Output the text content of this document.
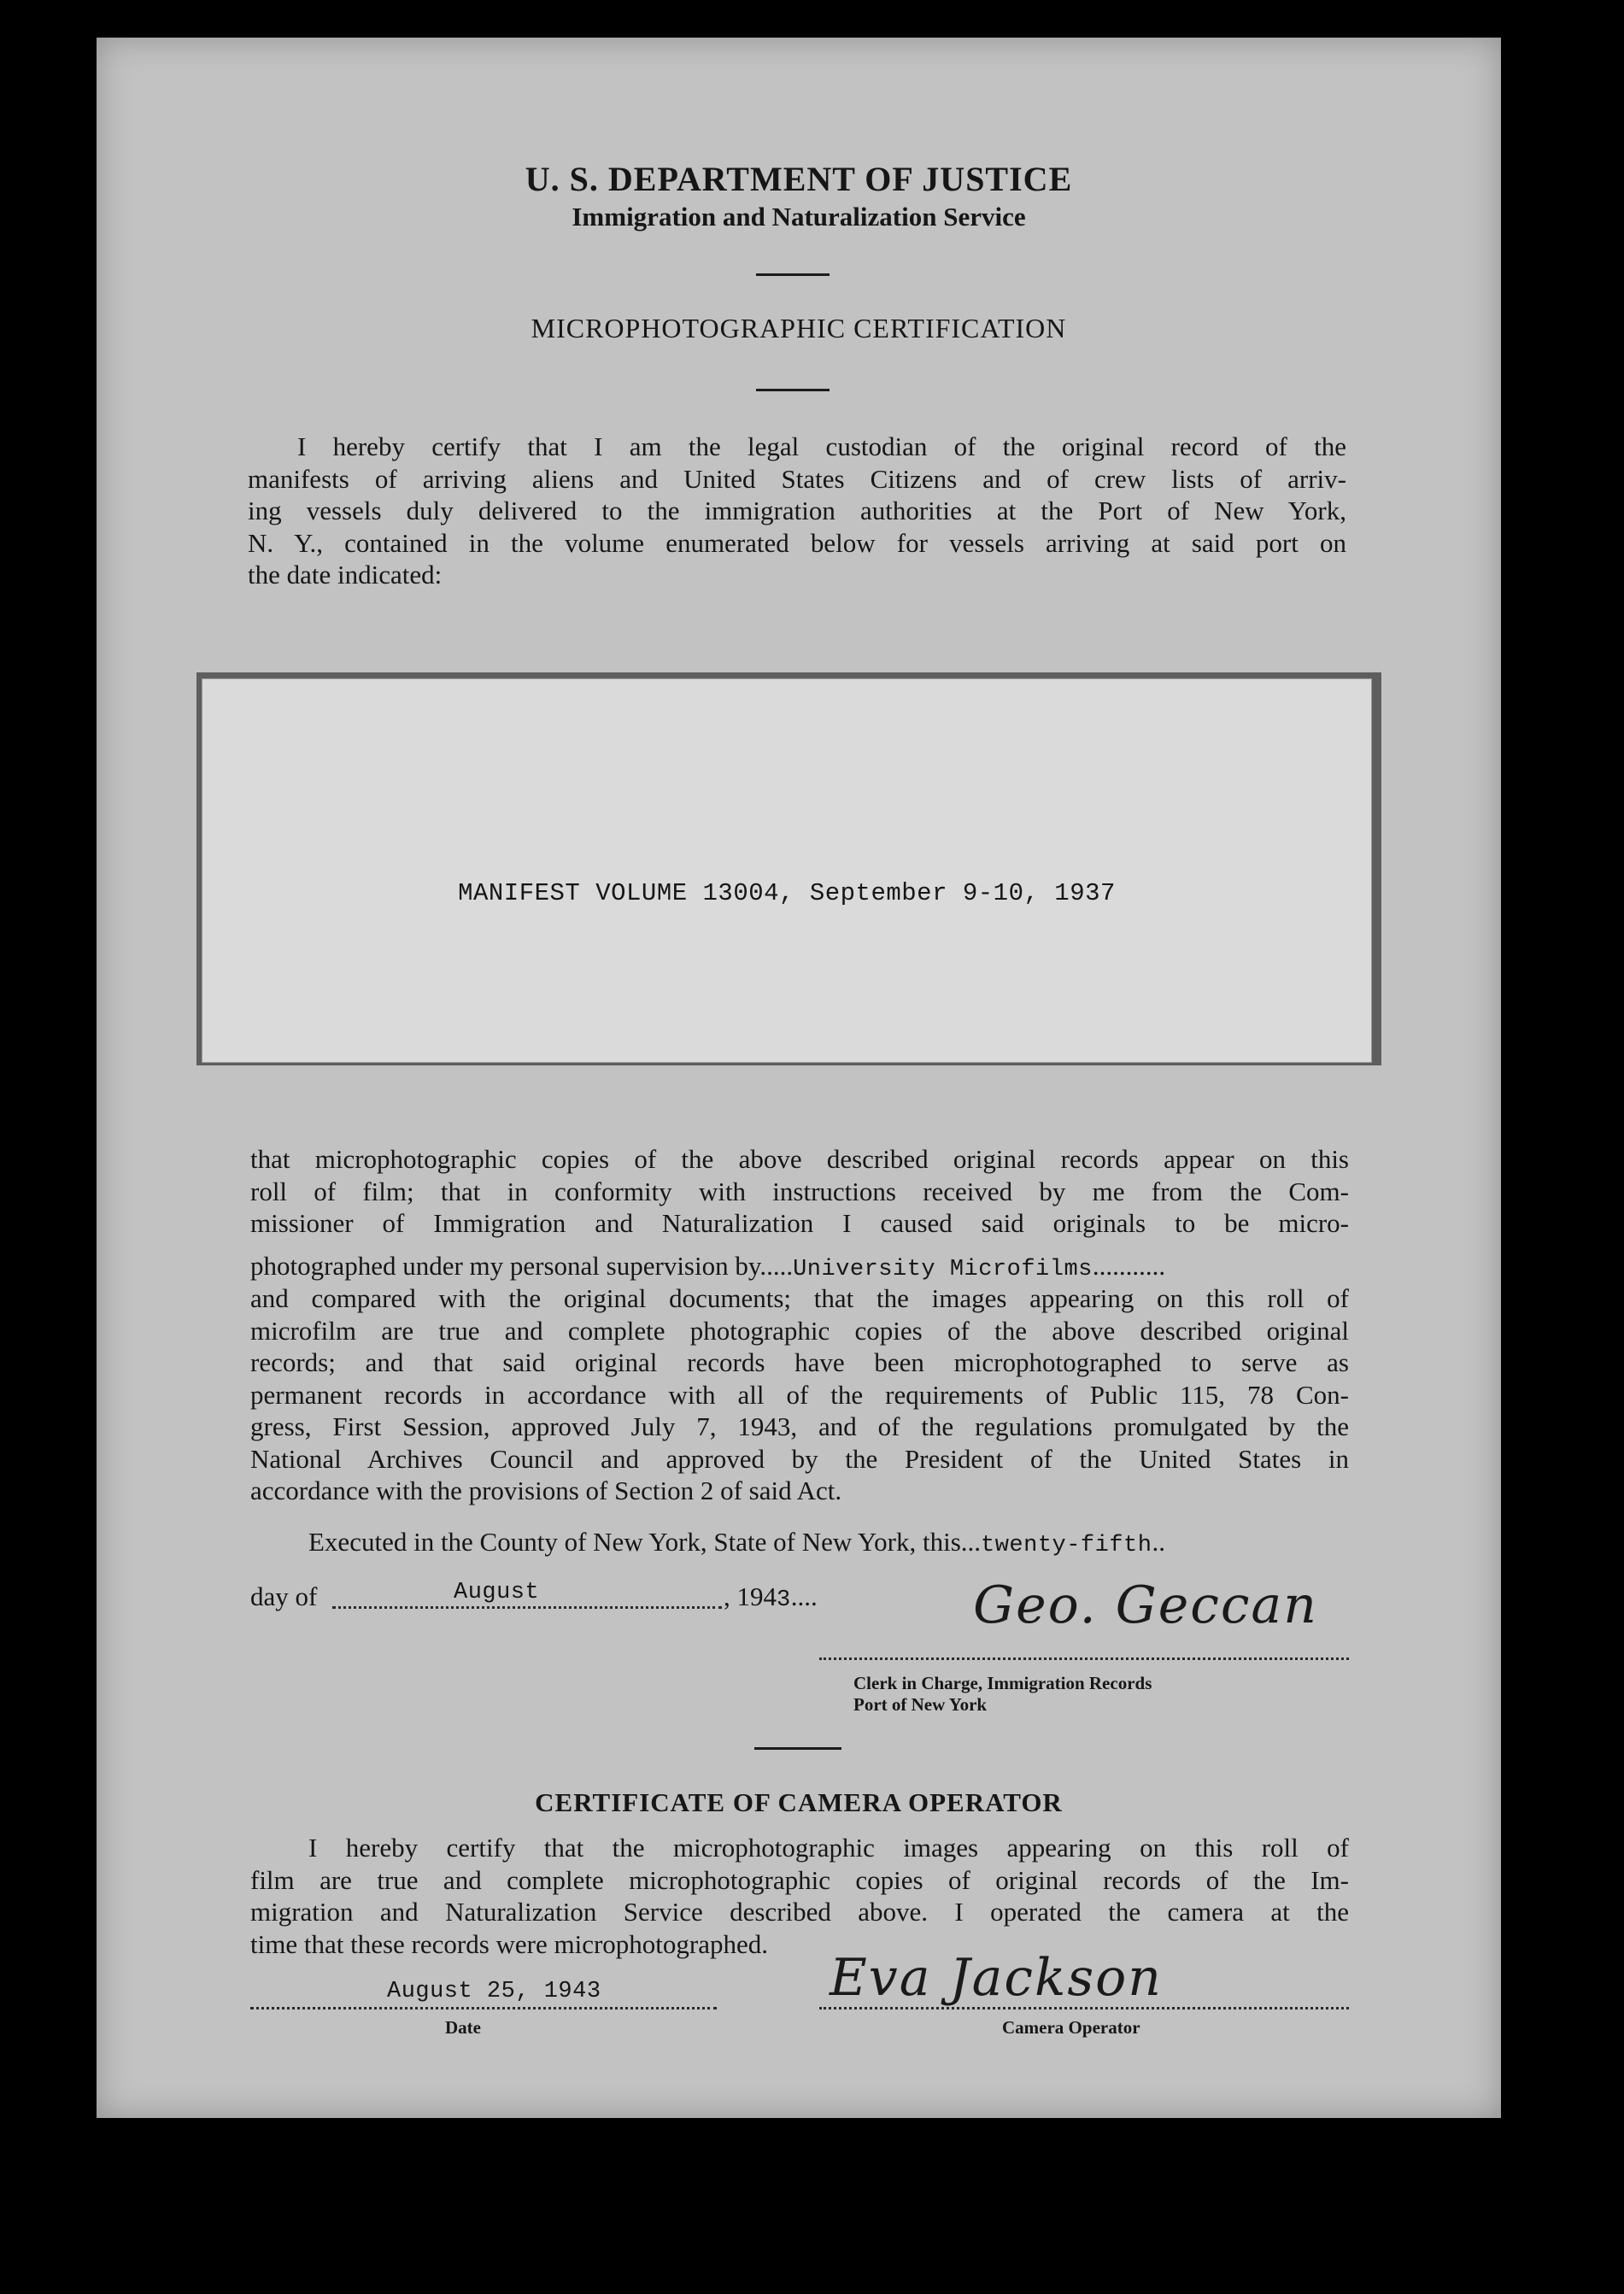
U. S. DEPARTMENT OF JUSTICE
Immigration and Naturalization Service
MICROPHOTOGRAPHIC CERTIFICATION
I hereby certify that I am the legal custodian of the original record of the
manifests of arriving aliens and United States Citizens and of crew lists of arriv-
ing vessels duly delivered to the immigration authorities at the Port of New York,
N. Y., contained in the volume enumerated below for vessels arriving at said port on
the date indicated:
MANIFEST VOLUME 13004, September 9-10, 1937
that microphotographic copies of the above described original records appear on this
roll of film; that in conformity with instructions received by me from the Com-
missioner of Immigration and Naturalization I caused said originals to be micro-
photographed under my personal supervision by.....University Microfilms...........
and compared with the original documents; that the images appearing on this roll of
microfilm are true and complete photographic copies of the above described original
records; and that said original records have been microphotographed to serve as
permanent records in accordance with all of the requirements of Public 115, 78 Con-
gress, First Session, approved July 7, 1943, and of the regulations promulgated by the
National Archives Council and approved by the President of the United States in
accordance with the provisions of Section 2 of said Act.
Executed in the County of New York, State of New York, this...twenty-fifth..
day of	August	, 1943....	Geo. Geccan
Clerk in Charge, Immigration Records
Port of New York
CERTIFICATE OF CAMERA OPERATOR
I hereby certify that the microphotographic images appearing on this roll of
film are true and complete microphotographic copies of original records of the Im-
migration and Naturalization Service described above. I operated the camera at the
time that these records were microphotographed.
August 25, 1943
Date
Eva Jackson
Camera Operator
